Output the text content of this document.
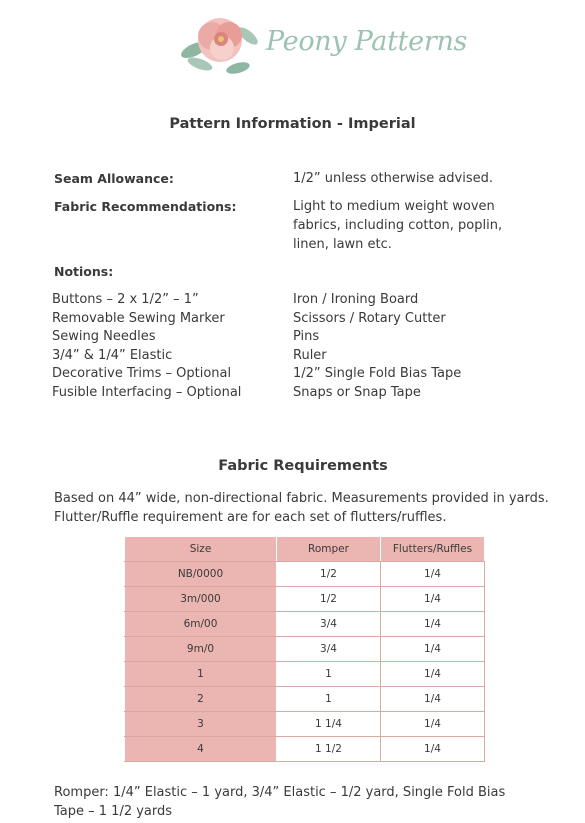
Peony Patterns
Pattern Information - Imperial
Seam Allowance:	1/2” unless otherwise advised.
Fabric Recommendations:	Light to medium weight woven fabrics, including cotton, poplin, linen, lawn etc.
Notions:
Buttons – 2 x 1/2” – 1”
Removable Sewing Marker
Sewing Needles
3/4” & 1/4” Elastic
Decorative Trims – Optional
Fusible Interfacing – Optional
Iron / Ironing Board
Scissors / Rotary Cutter
Pins
Ruler
1/2” Single Fold Bias Tape
Snaps or Snap Tape
Fabric Requirements
Based on 44” wide, non-directional fabric. Measurements provided in yards. Flutter/Ruffle requirement are for each set of flutters/ruffles.
Size	Romper	Flutters/Ruffles
NB/0000	1/2	1/4
3m/000	1/2	1/4
6m/00	3/4	1/4
9m/0	3/4	1/4
1	1	1/4
2	1	1/4
3	1 1/4	1/4
4	1 1/2	1/4
Romper: 1/4” Elastic – 1 yard, 3/4” Elastic – 1/2 yard, Single Fold Bias Tape – 1 1/2 yards
